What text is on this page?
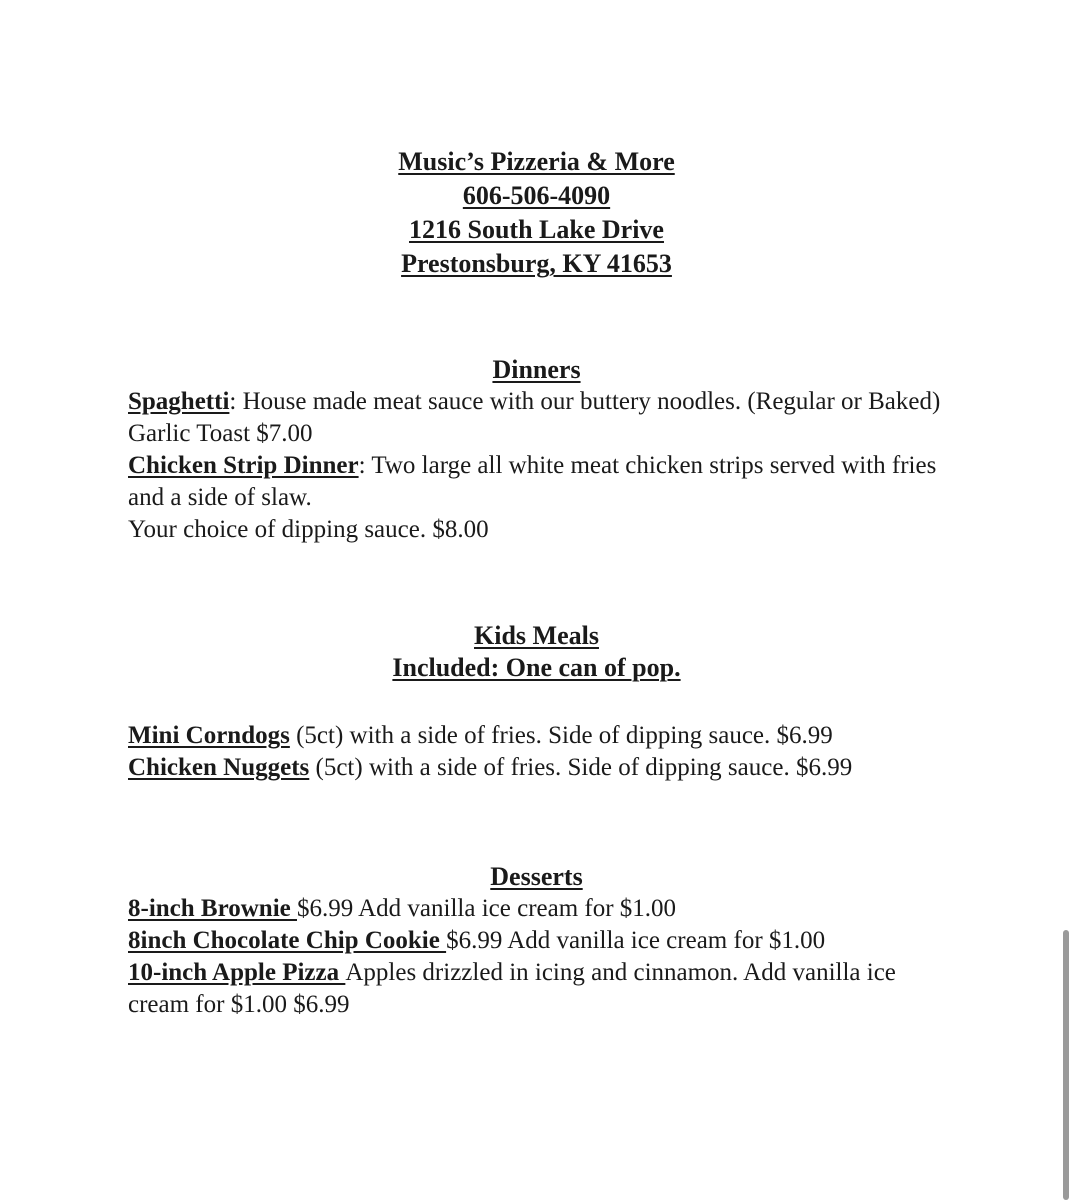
Music’s Pizzeria & More
606-506-4090
1216 South Lake Drive
Prestonsburg, KY 41653
Dinners
Spaghetti: House made meat sauce with our buttery noodles. (Regular or Baked) Garlic Toast $7.00
Chicken Strip Dinner: Two large all white meat chicken strips served with fries and a side of slaw.
Your choice of dipping sauce. $8.00
Kids Meals
Included: One can of pop.
Mini Corndogs (5ct) with a side of fries. Side of dipping sauce. $6.99
Chicken Nuggets (5ct) with a side of fries. Side of dipping sauce. $6.99
Desserts
8-inch Brownie $6.99 Add vanilla ice cream for $1.00
8inch Chocolate Chip Cookie $6.99 Add vanilla ice cream for $1.00
10-inch Apple Pizza Apples drizzled in icing and cinnamon. Add vanilla ice cream for $1.00 $6.99
